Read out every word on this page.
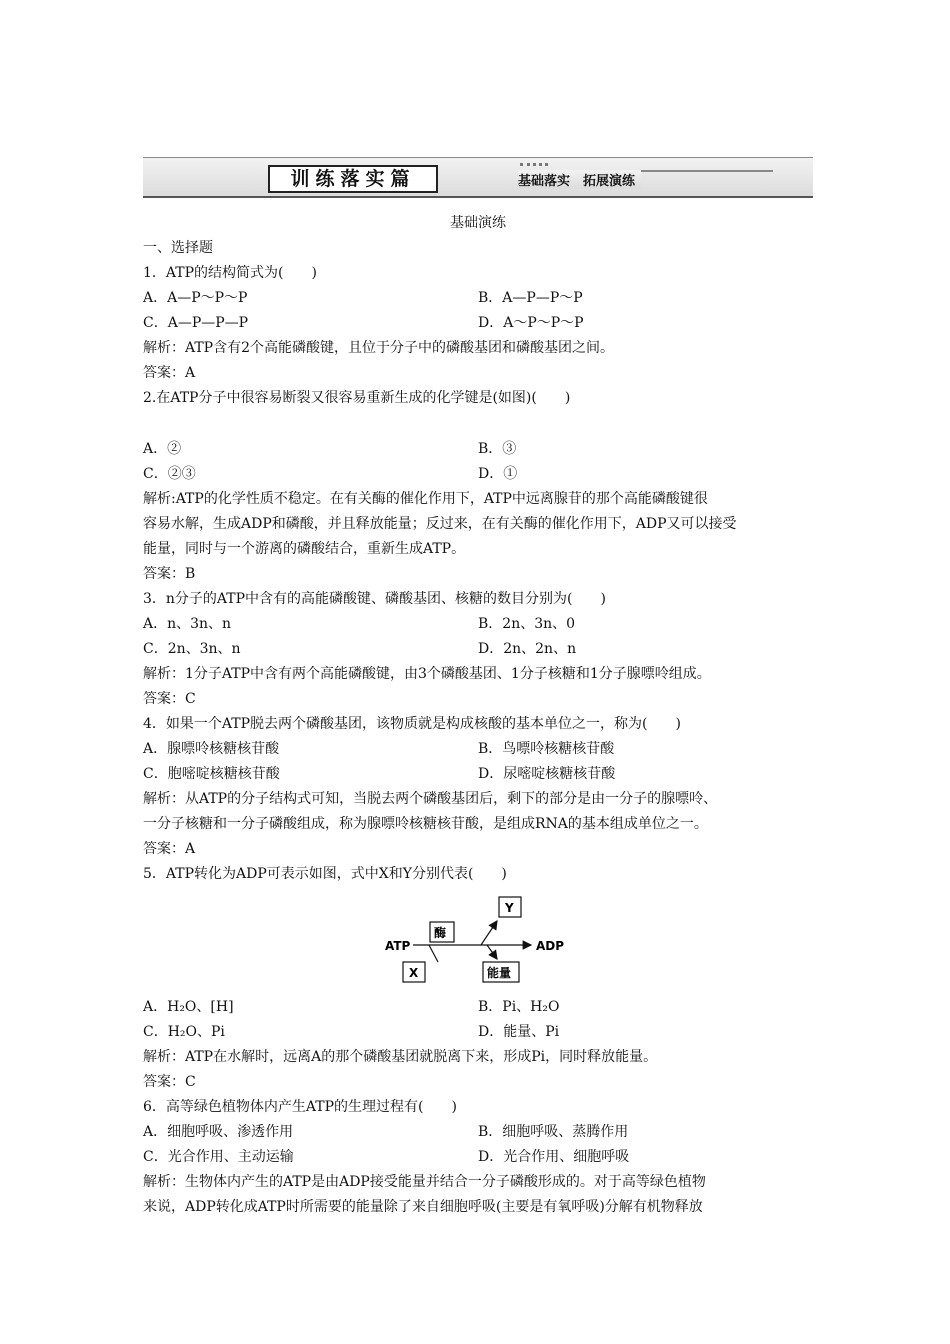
训练落实篇	基础落实　拓展演练
基础演练
一、选择题
1．ATP的结构简式为(　　)
A．A—P～P～P	B．A—P—P～P
C．A—P—P—P	D．A～P～P～P
解析：ATP含有2个高能磷酸键，且位于分子中的磷酸基团和磷酸基团之间。
答案：A
2.在ATP分子中很容易断裂又很容易重新生成的化学键是(如图)(　　)
A．②	B．③
C．②③	D．①
解析:ATP的化学性质不稳定。在有关酶的催化作用下，ATP中远离腺苷的那个高能磷酸键很
容易水解，生成ADP和磷酸，并且释放能量；反过来，在有关酶的催化作用下，ADP又可以接受
能量，同时与一个游离的磷酸结合，重新生成ATP。
答案：B
3．n分子的ATP中含有的高能磷酸键、磷酸基团、核糖的数目分别为(　　)
A．n、3n、n	B．2n、3n、0
C．2n、3n、n	D．2n、2n、n
解析：1分子ATP中含有两个高能磷酸键，由3个磷酸基团、1分子核糖和1分子腺嘌呤组成。
答案：C
4．如果一个ATP脱去两个磷酸基团，该物质就是构成核酸的基本单位之一，称为(　　)
A．腺嘌呤核糖核苷酸	B．鸟嘌呤核糖核苷酸
C．胞嘧啶核糖核苷酸	D．尿嘧啶核糖核苷酸
解析：从ATP的分子结构式可知，当脱去两个磷酸基团后，剩下的部分是由一分子的腺嘌呤、
一分子核糖和一分子磷酸组成，称为腺嘌呤核糖核苷酸，是组成RNA的基本组成单位之一。
答案：A
5．ATP转化为ADP可表示如图，式中X和Y分别代表(　　)
ATP	ADP
酶
X
Y
能量
A．H₂O、[H]	B．Pi、H₂O
C．H₂O、Pi	D．能量、Pi
解析：ATP在水解时，远离A的那个磷酸基团就脱离下来，形成Pi，同时释放能量。
答案：C
6．高等绿色植物体内产生ATP的生理过程有(　　)
A．细胞呼吸、渗透作用	B．细胞呼吸、蒸腾作用
C．光合作用、主动运输	D．光合作用、细胞呼吸
解析：生物体内产生的ATP是由ADP接受能量并结合一分子磷酸形成的。对于高等绿色植物
来说，ADP转化成ATP时所需要的能量除了来自细胞呼吸(主要是有氧呼吸)分解有机物释放
